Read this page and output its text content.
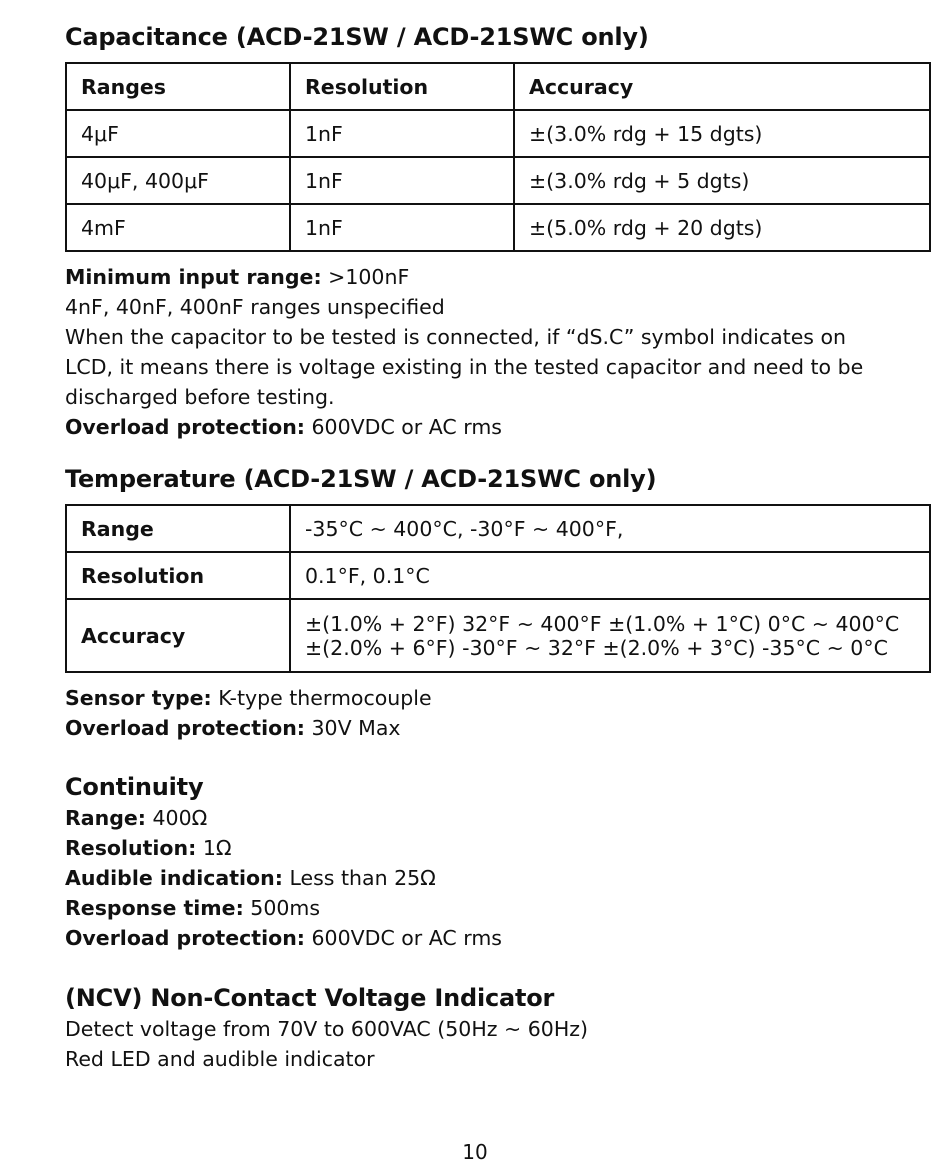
Capacitance (ACD-21SW / ACD-21SWC only)
Ranges	Resolution	Accuracy
4μF	1nF	±(3.0% rdg + 15 dgts)
40μF, 400μF	1nF	±(3.0% rdg + 5 dgts)
4mF	1nF	±(5.0% rdg + 20 dgts)

Minimum input range: >100nF

4nF, 40nF, 400nF ranges unspecified

When the capacitor to be tested is connected, if “dS.C” symbol indicates on

LCD, it means there is voltage existing in the tested capacitor and need to be

discharged before testing.

Overload protection: 600VDC or AC rms

Temperature (ACD-21SW / ACD-21SWC only)
Range	-35°C ~ 400°C, -30°F ~ 400°F,
Resolution	0.1°F, 0.1°C
Accuracy	±(1.0% + 2°F) 32°F ~ 400°F ±(1.0% + 1°C) 0°C ~ 400°C
±(2.0% + 6°F) -30°F ~ 32°F ±(2.0% + 3°C) -35°C ~ 0°C

Sensor type: K-type thermocouple

Overload protection: 30V Max

Continuity

Range: 400Ω

Resolution: 1Ω

Audible indication: Less than 25Ω

Response time: 500ms

Overload protection: 600VDC or AC rms

(NCV) Non-Contact Voltage Indicator

Detect voltage from 70V to 600VAC (50Hz ~ 60Hz)

Red LED and audible indicator

10
